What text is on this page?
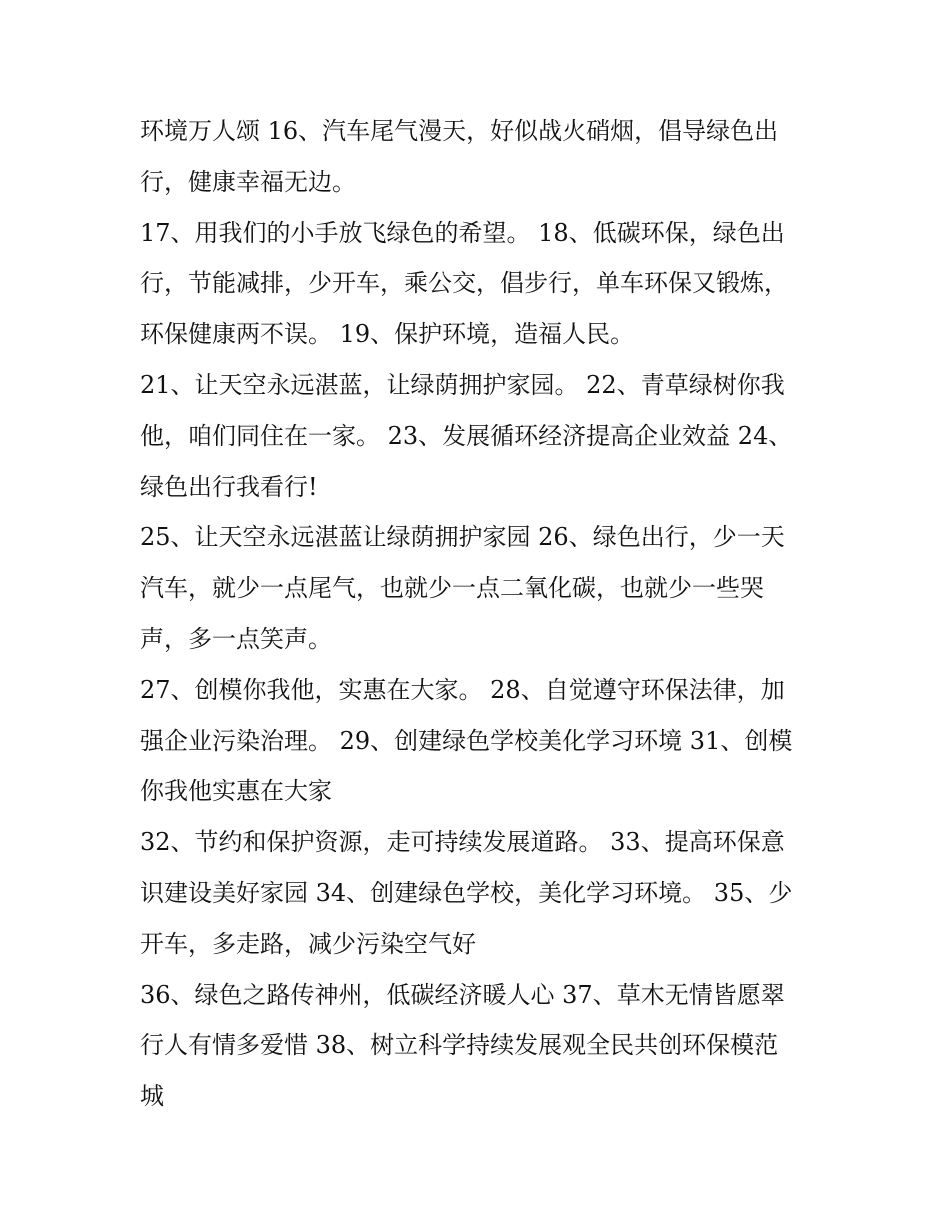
环境万人颂 16、汽车尾气漫天，好似战火硝烟，倡导绿色出
行，健康幸福无边。

17、用我们的小手放飞绿色的希望。 18、低碳环保，绿色出
行，节能减排，少开车，乘公交，倡步行，单车环保又锻炼，
环保健康两不误。 19、保护环境，造福人民。

21、让天空永远湛蓝，让绿荫拥护家园。 22、青草绿树你我
他，咱们同住在一家。 23、发展循环经济提高企业效益 24、
绿色出行我看行!

25、让天空永远湛蓝让绿荫拥护家园 26、绿色出行，少一天
汽车，就少一点尾气，也就少一点二氧化碳，也就少一些哭
声，多一点笑声。

27、创模你我他，实惠在大家。 28、自觉遵守环保法律，加
强企业污染治理。 29、创建绿色学校美化学习环境 31、创模
你我他实惠在大家

32、节约和保护资源，走可持续发展道路。 33、提高环保意
识建设美好家园 34、创建绿色学校，美化学习环境。 35、少
开车，多走路，减少污染空气好

36、绿色之路传神州，低碳经济暖人心 37、草木无情皆愿翠
行人有情多爱惜 38、树立科学持续发展观全民共创环保模范
城
